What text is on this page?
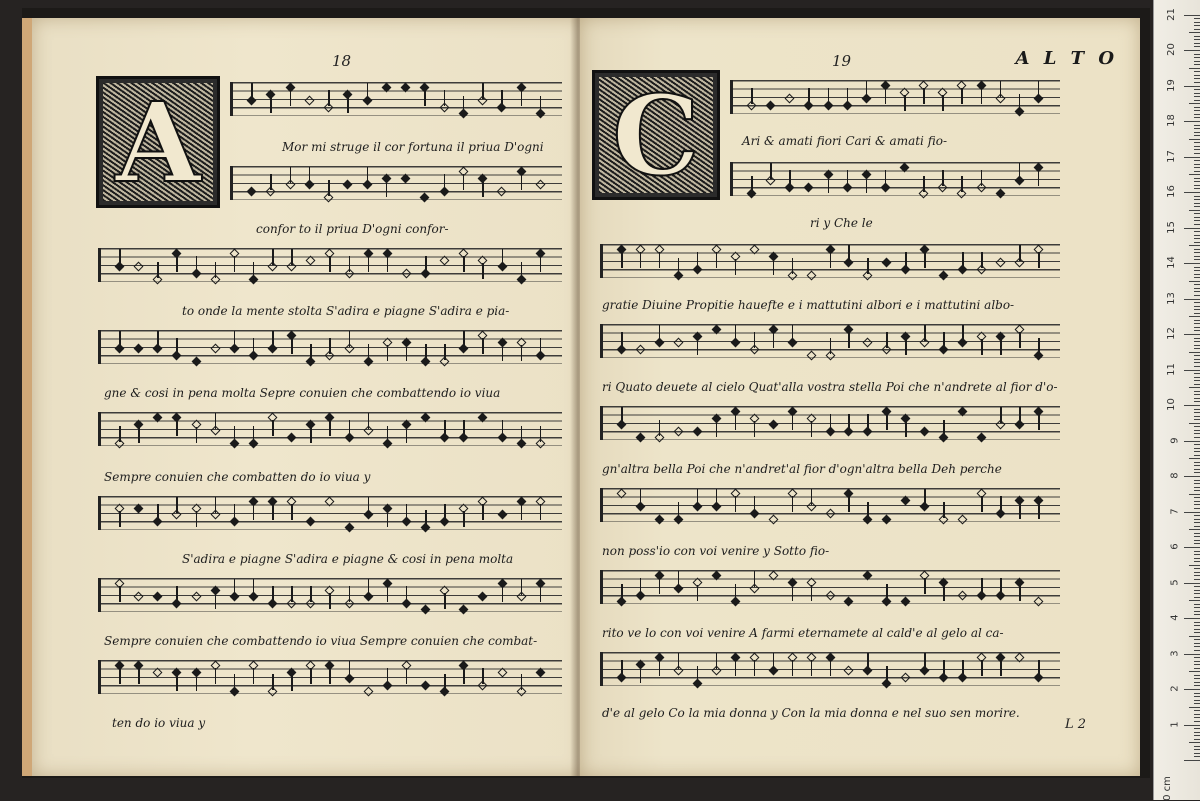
18
A	Mor mi struge il cor fortuna il priua D'ogni
confor to il priua D'ogni confor-
to onde la mente stolta S'adira e piagne S'adira e pia-
gne & cosi in pena molta Sepre conuien che combattendo io viua
Sempre conuien che combatten do io viua y
S'adira e piagne S'adira e piagne & cosi in pena molta
Sempre conuien che combattendo io viua Sempre conuien che combat-
ten do io viua y
19	A L T O
C	Ari & amati fiori Cari & amati fio-
ri y Che le
gratie Diuine Propitie hauefte e i mattutini albori e i mattutini albo-
ri Quato deuete al cielo Quat'alla vostra stella Poi che n'andrete al fior d'o-
gn'altra bella Poi che n'andret'al fior d'ogn'altra bella Deh perche
non poss'io con voi venire y Sotto fio-
rito ve lo con voi venire A farmi eternamete al cald'e al gelo al ca-
d'e al gelo Co la mia donna y Con la mia donna e nel suo sen morire.
L 2
0 cm
1
2
3
4
5
6
7
8
9
10
11
12
13
14
15
16
17
18
19
20
21
